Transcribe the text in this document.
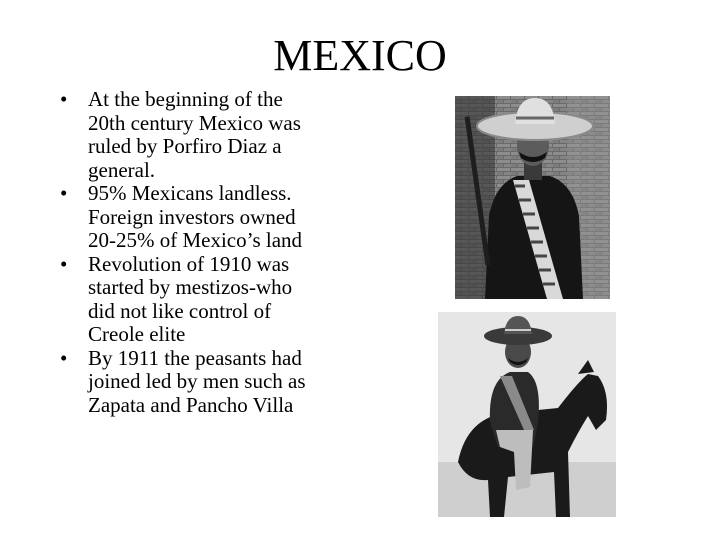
MEXICO
• At the beginning of the
20th century Mexico was
ruled by Porfiro Diaz a
general.
• 95% Mexicans landless.
Foreign investors owned
20-25% of Mexico’s land
• Revolution of 1910 was
started by mestizos-who
did not like control of
Creole elite
• By 1911 the peasants had
joined led by men such as
Zapata and Pancho Villa
